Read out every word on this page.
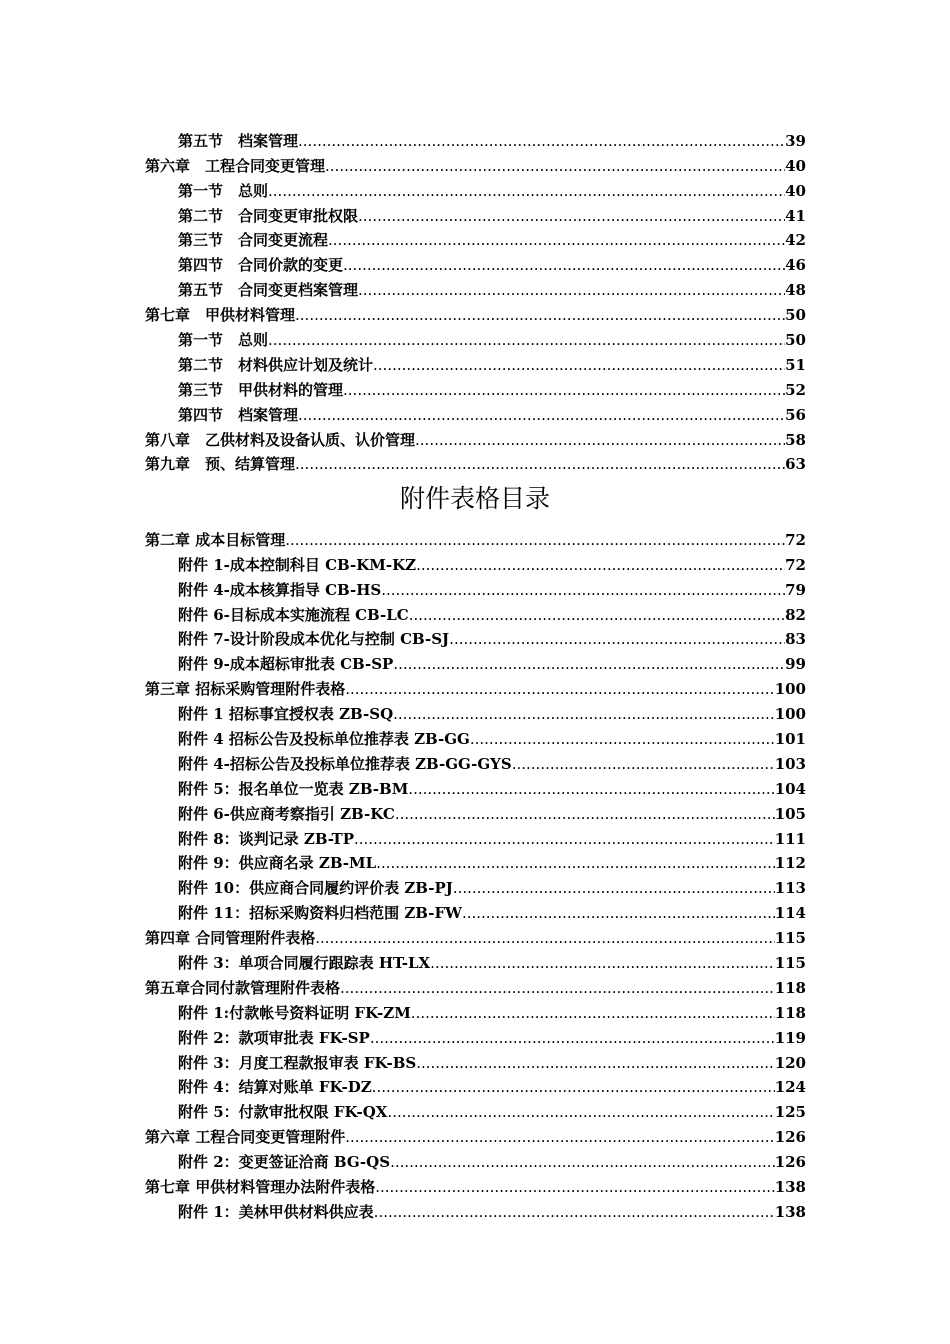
第五节　档案管理 .....	39
第六章　工程合同变更管理 .....	40
第一节　总则 .....	40
第二节　合同变更审批权限 .....	41
第三节　合同变更流程 .....	42
第四节　合同价款的变更 .....	46
第五节　合同变更档案管理 .....	48
第七章　甲供材料管理 .....	50
第一节　总则 .....	50
第二节　材料供应计划及统计 .....	51
第三节　甲供材料的管理 .....	52
第四节　档案管理 .....	56
第八章　乙供材料及设备认质、认价管理 .....	58
第九章　预、结算管理 .....	63
附件表格目录
第二章 成本目标管理 .....	72
附件 1-成本控制科目 CB-KM-KZ .....	72
附件 4-成本核算指导 CB-HS .....	79
附件 6-目标成本实施流程 CB-LC .....	82
附件 7-设计阶段成本优化与控制 CB-SJ .....	83
附件 9-成本超标审批表 CB-SP .....	99
第三章 招标采购管理附件表格 .....	100
附件 1 招标事宜授权表 ZB-SQ .....	100
附件 4 招标公告及投标单位推荐表 ZB-GG .....	101
附件 4-招标公告及投标单位推荐表 ZB-GG-GYS .....	103
附件 5：报名单位一览表 ZB-BM .....	104
附件 6-供应商考察指引 ZB-KC .....	105
附件 8：谈判记录 ZB-TP .....	111
附件 9：供应商名录 ZB-ML .....	112
附件 10：供应商合同履约评价表 ZB-PJ .....	113
附件 11：招标采购资料归档范围 ZB-FW .....	114
第四章 合同管理附件表格 .....	115
附件 3：单项合同履行跟踪表 HT-LX .....	115
第五章合同付款管理附件表格 .....	118
附件 1:付款帐号资料证明 FK-ZM .....	118
附件 2：款项审批表 FK-SP .....	119
附件 3：月度工程款报审表 FK-BS .....	120
附件 4：结算对账单 FK-DZ .....	124
附件 5：付款审批权限 FK-QX .....	125
第六章 工程合同变更管理附件 .....	126
附件 2：变更签证洽商 BG-QS .....	126
第七章 甲供材料管理办法附件表格 .....	138
附件 1：美林甲供材料供应表 .....	138
